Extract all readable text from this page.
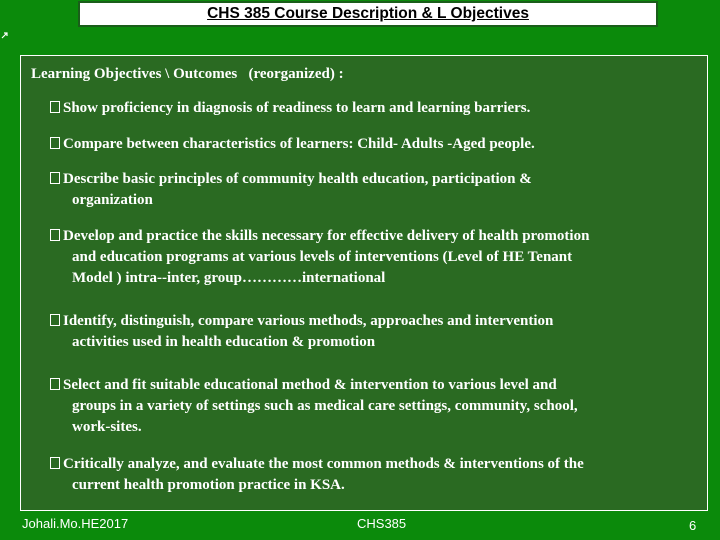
CHS 385 Course Description & L Objectives
Learning Objectives \ Outcomes   (reorganized) :
Show proficiency in diagnosis of readiness to learn and learning barriers.
Compare between characteristics of learners: Child- Adults -Aged people.
Describe basic principles of community health education, participation &
organization
Develop and practice the skills necessary for effective delivery of health promotion
and education programs at various levels of interventions (Level of HE Tenant
Model ) intra--inter, group…………international
Identify, distinguish, compare various methods, approaches and intervention
activities used in health education & promotion
Select and fit suitable educational method & intervention to various level and
groups in a variety of settings such as medical care settings, community, school,
work-sites.
Critically analyze, and evaluate the most common methods & interventions of the
current health promotion practice in KSA.
Johali.Mo.HE2017	CHS385	6
